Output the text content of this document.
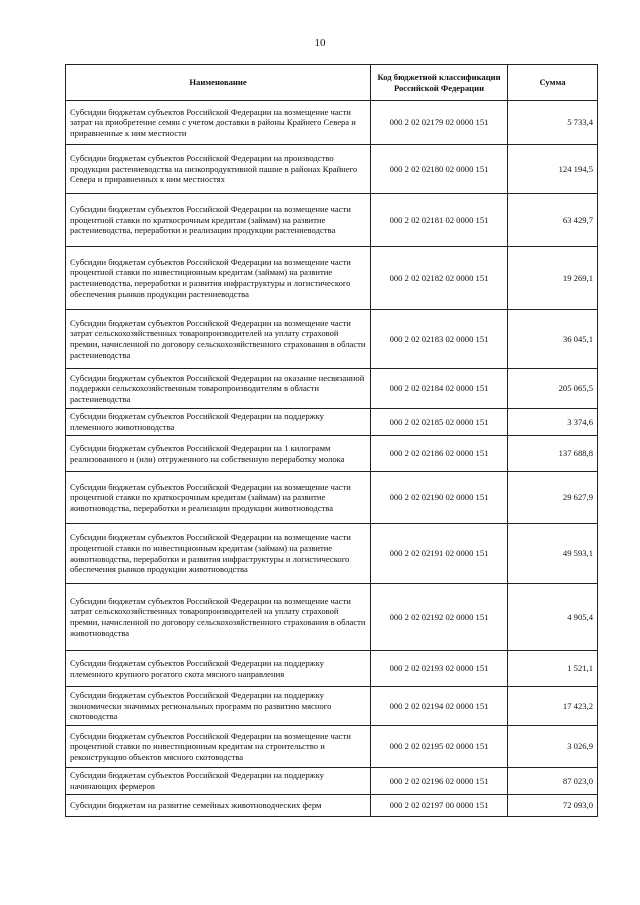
10
Наименование	Код бюджетной классификации Российской Федерации	Сумма
Субсидии бюджетам субъектов Российской Федерации на возмещение части затрат на приобретение семян с учетом доставки в районы Крайнего Севера и приравненные к ним местности	000 2 02 02179 02 0000 151	5 733,4
Субсидии бюджетам субъектов Российской Федерации на производство продукции растениеводства на низкопродуктивной пашне в районах Крайнего Севера и приравненных к ним местностях	000 2 02 02180 02 0000 151	124 194,5
Субсидии бюджетам субъектов Российской Федерации на возмещение части процентной ставки по краткосрочным кредитам (займам) на развитие растениеводства, переработки и реализации продукции растениеводства	000 2 02 02181 02 0000 151	63 429,7
Субсидии бюджетам субъектов Российской Федерации на возмещение части процентной ставки по инвестиционным кредитам (займам) на развитие растениеводства, переработки и развития инфраструктуры и логистического обеспечения рынков продукции растениеводства	000 2 02 02182 02 0000 151	19 269,1
Субсидии бюджетам субъектов Российской Федерации на возмещение части затрат сельскохозяйственных товаропроизводителей на уплату страховой премии, начисленной по договору сельскохозяйственного страхования в области растениеводства	000 2 02 02183 02 0000 151	36 045,1
Субсидии бюджетам субъектов Российской Федерации на оказание несвязанной поддержки сельскохозяйственным товаропроизводителям в области растениеводства	000 2 02 02184 02 0000 151	205 065,5
Субсидии бюджетам субъектов Российской Федерации на поддержку племенного животноводства	000 2 02 02185 02 0000 151	3 374,6
Субсидии бюджетам субъектов Российской Федерации на 1 килограмм реализованного и (или) отгруженного на собственную переработку молока	000 2 02 02186 02 0000 151	137 688,8
Субсидии бюджетам субъектов Российской Федерации на возмещение части процентной ставки по краткосрочным кредитам (займам) на развитие животноводства, переработки и реализации продукции животноводства	000 2 02 02190 02 0000 151	29 627,9
Субсидии бюджетам субъектов Российской Федерации на возмещение части процентной ставки по инвестиционным кредитам (займам) на развитие животноводства, переработки и развития инфраструктуры и логистического обеспечения рынков продукции животноводства	000 2 02 02191 02 0000 151	49 593,1
Субсидии бюджетам субъектов Российской Федерации на возмещение части затрат сельскохозяйственных товаропроизводителей на уплату страховой премии, начисленной по договору сельскохозяйственного страхования в области животноводства	000 2 02 02192 02 0000 151	4 905,4
Субсидии бюджетам субъектов Российской Федерации на поддержку племенного крупного рогатого скота мясного направления	000 2 02 02193 02 0000 151	1 521,1
Субсидии бюджетам субъектов Российской Федерации на поддержку экономически значимых региональных программ по развитию мясного скотоводства	000 2 02 02194 02 0000 151	17 423,2
Субсидии бюджетам субъектов Российской Федерации на возмещение части процентной ставки по инвестиционным кредитам на строительство и реконструкцию объектов мясного скотоводства	000 2 02 02195 02 0000 151	3 026,9
Субсидии бюджетам субъектов Российской Федерации на поддержку начинающих фермеров	000 2 02 02196 02 0000 151	87 023,0
Субсидии бюджетам на развитие семейных животноводческих ферм	000 2 02 02197 00 0000 151	72 093,0
